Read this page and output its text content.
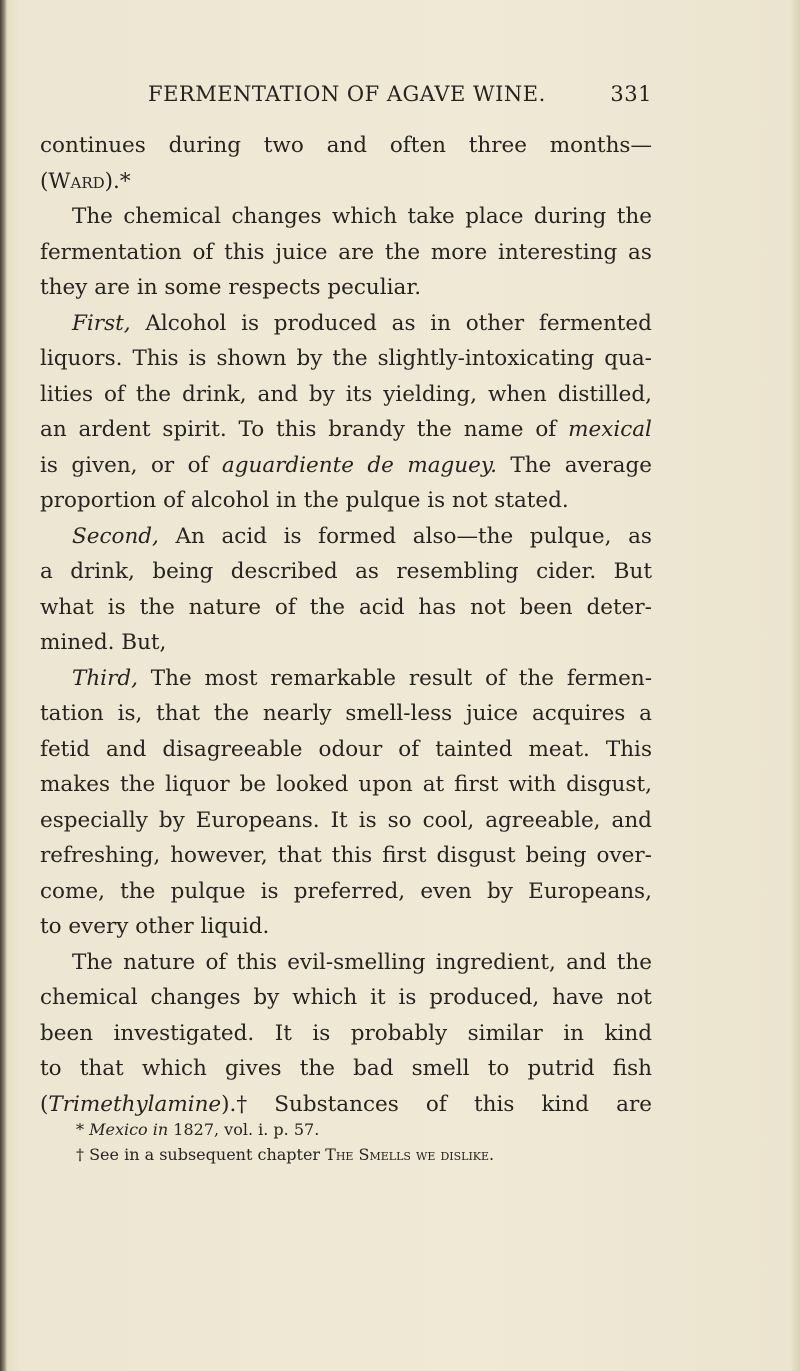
FERMENTATION OF AGAVE WINE.	331
continues during two and often three months—
( Ward ).*
The chemical changes which take place during the
fermentation of this juice are the more interesting as
they are in some respects peculiar.
First, Alcohol is produced as in other fermented
liquors. This is shown by the slightly-intoxicating qua-
lities of the drink, and by its yielding, when distilled,
an ardent spirit. To this brandy the name of mexical
is given, or of aguardiente de maguey. The average
proportion of alcohol in the pulque is not stated.
Second, An acid is formed also—the pulque, as
a drink, being described as resembling cider. But
what is the nature of the acid has not been deter-
mined. But,
Third, The most remarkable result of the fermen-
tation is, that the nearly smell-less juice acquires a
fetid and disagreeable odour of tainted meat. This
makes the liquor be looked upon at first with disgust,
especially by Europeans. It is so cool, agreeable, and
refreshing, however, that this first disgust being over-
come, the pulque is preferred, even by Europeans,
to every other liquid.
The nature of this evil-smelling ingredient, and the
chemical changes by which it is produced, have not
been investigated. It is probably similar in kind
to that which gives the bad smell to putrid fish
(Trimethylamine).† Substances of this kind are
* Mexico in 1827, vol. i. p. 57.
† See in a subsequent chapter The Smells we dislike.
